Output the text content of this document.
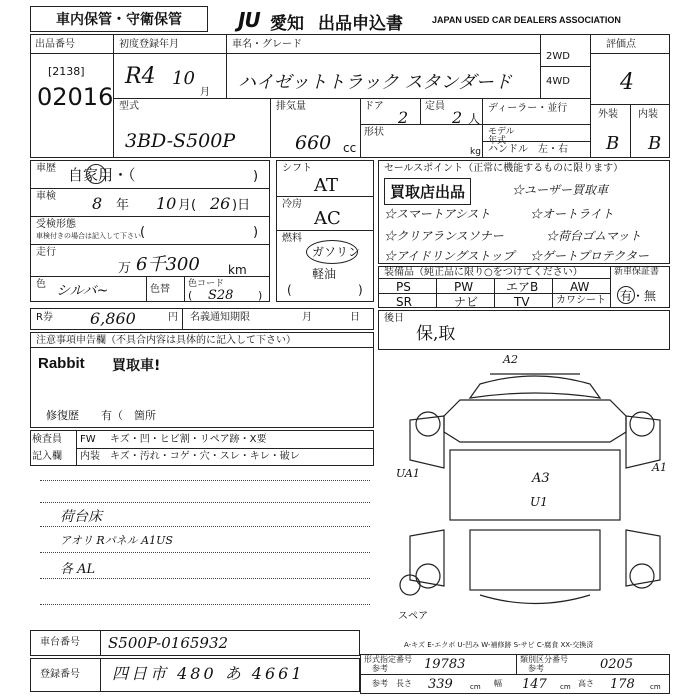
車内保管・守衛保管	JU 愛知 出品申込書	JAPAN USED CAR DEALERS ASSOCIATION
出品番号
[2138]
02016
初度登録年月
R4 10
月
車名・グレード
ハイゼットトラック スタンダード
2WD
4WD
評価点
4
外装 内装
B B
型式
3BD-S500P
排気量
660 cc
ドア
2
定員
2 人
ディーラー・並行
モデル 年式
形状
kg ハンドル 左・右
車歴 自家用・（	)
車検 8 年 10 月( 26 )日
受検形態
車検付きの場合は記入して下さい (	)
走行
万 6千300 km
色 シルバ~	色替 色コード
( S28 )
シフト
AT
冷房
AC
燃料
ガソリン
軽油
(	)
セールスポイント（正常に機能するものに限ります）
買取店出品	☆ユーザー買取車
☆スマートアシスト	☆オートライト
☆クリアランスソナー	☆荷台ゴムマット
☆アイドリングストップ ☆ゲートプロテクター
装備品（純正品に限り○をつけてください）	新車保証書
有・無
PS	PW	エアB	AW
SR	ナビ	TV	カワシート
R券 6,860	円 名義通知期限	月	日 後日
保,取
注意事項申告欄（不具合内容は具体的に記入して下さい）
Rabbit 買取車!
修復歴　　有（　箇所
検査員
記入欄
FW キズ・凹・ヒビ割・リペア跡・X要
内装 キズ・汚れ・コゲ・穴・スレ・キレ・破レ
荷台床
アオリ Rパネル A1US
各 AL
A2
UA1	A1
A3
U1
スペア
A-キズ E-エクボ U-凹み W-補修跡 S-サビ C-腐食 XX-交換済
車台番号 S500P-0165932
登録番号 四日市 480 あ 4661
形式指定番号
参考	19783	類別区分番号
参考	0205
参考 長さ 339 cm 幅 147 cm 高さ 178 cm
